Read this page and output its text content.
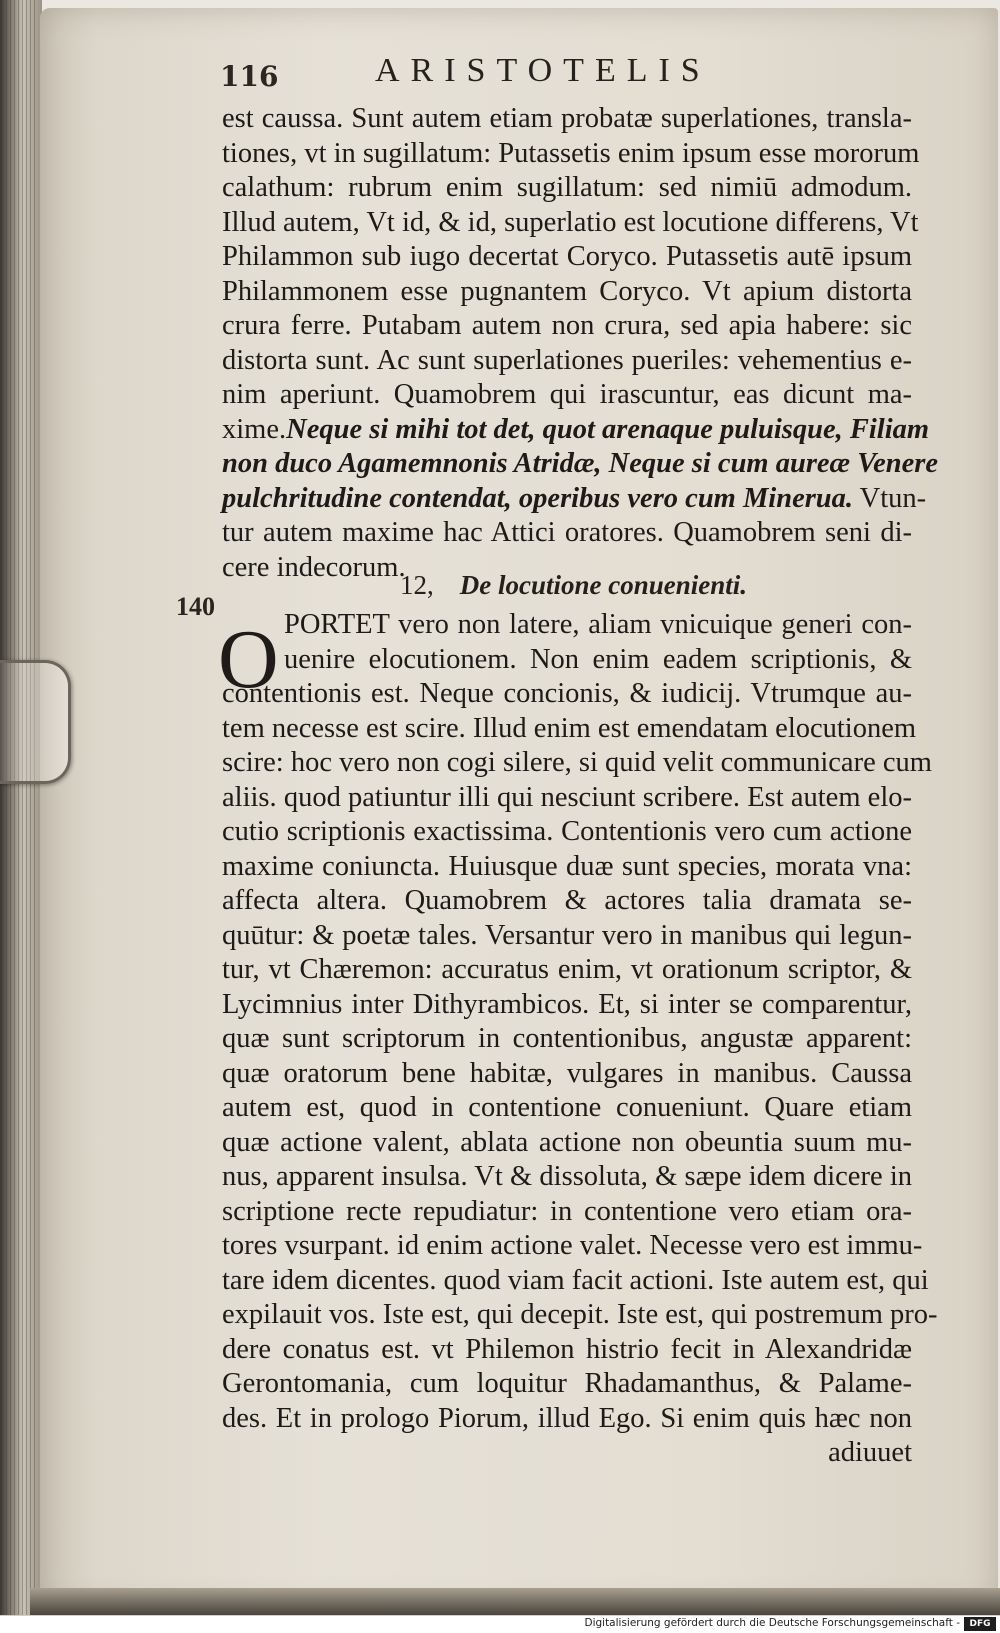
116	ARISTOTELIS
est caussa. Sunt autem etiam probatæ superlationes, transla-
tiones, vt in sugillatum: Putassetis enim ipsum esse mororum
calathum: rubrum enim sugillatum: sed nimiū admodum.
Illud autem, Vt id, & id, superlatio est locutione differens, Vt
Philammon sub iugo decertat Coryco. Putassetis autē ipsum
Philammonem esse pugnantem Coryco. Vt apium distorta
crura ferre. Putabam autem non crura, sed apia habere: sic
distorta sunt. Ac sunt superlationes pueriles: vehementius e-
nim aperiunt. Quamobrem qui irascuntur, eas dicunt ma-
xime.Neque si mihi tot det, quot arenaque puluisque, Filiam
non duco Agamemnonis Atridæ, Neque si cum aureæ Venere
pulchritudine contendat, operibus vero cum Minerua. Vtun-
tur autem maxime hac Attici oratores. Quamobrem seni di-
cere indecorum.
140
12, De locutione conuenienti.
O PORTET vero non latere, aliam vnicuique generi con-
uenire elocutionem. Non enim eadem scriptionis, &
contentionis est. Neque concionis, & iudicij. Vtrumque au-
tem necesse est scire. Illud enim est emendatam elocutionem
scire: hoc vero non cogi silere, si quid velit communicare cum
aliis. quod patiuntur illi qui nesciunt scribere. Est autem elo-
cutio scriptionis exactissima. Contentionis vero cum actione
maxime coniuncta. Huiusque duæ sunt species, morata vna:
affecta altera. Quamobrem & actores talia dramata se-
quūtur: & poetæ tales. Versantur vero in manibus qui legun-
tur, vt Chæremon: accuratus enim, vt orationum scriptor, &
Lycimnius inter Dithyrambicos. Et, si inter se comparentur,
quæ sunt scriptorum in contentionibus, angustæ apparent:
quæ oratorum bene habitæ, vulgares in manibus. Caussa
autem est, quod in contentione conueniunt. Quare etiam
quæ actione valent, ablata actione non obeuntia suum mu-
nus, apparent insulsa. Vt & dissoluta, & sæpe idem dicere in
scriptione recte repudiatur: in contentione vero etiam ora-
tores vsurpant. id enim actione valet. Necesse vero est immu-
tare idem dicentes. quod viam facit actioni. Iste autem est, qui
expilauit vos. Iste est, qui decepit. Iste est, qui postremum pro-
dere conatus est. vt Philemon histrio fecit in Alexandridæ
Gerontomania, cum loquitur Rhadamanthus, & Palame-
des. Et in prologo Piorum, illud Ego. Si enim quis hæc non
adiuuet
Digitalisierung gefördert durch die Deutsche Forschungsgemeinschaft -	DFG
